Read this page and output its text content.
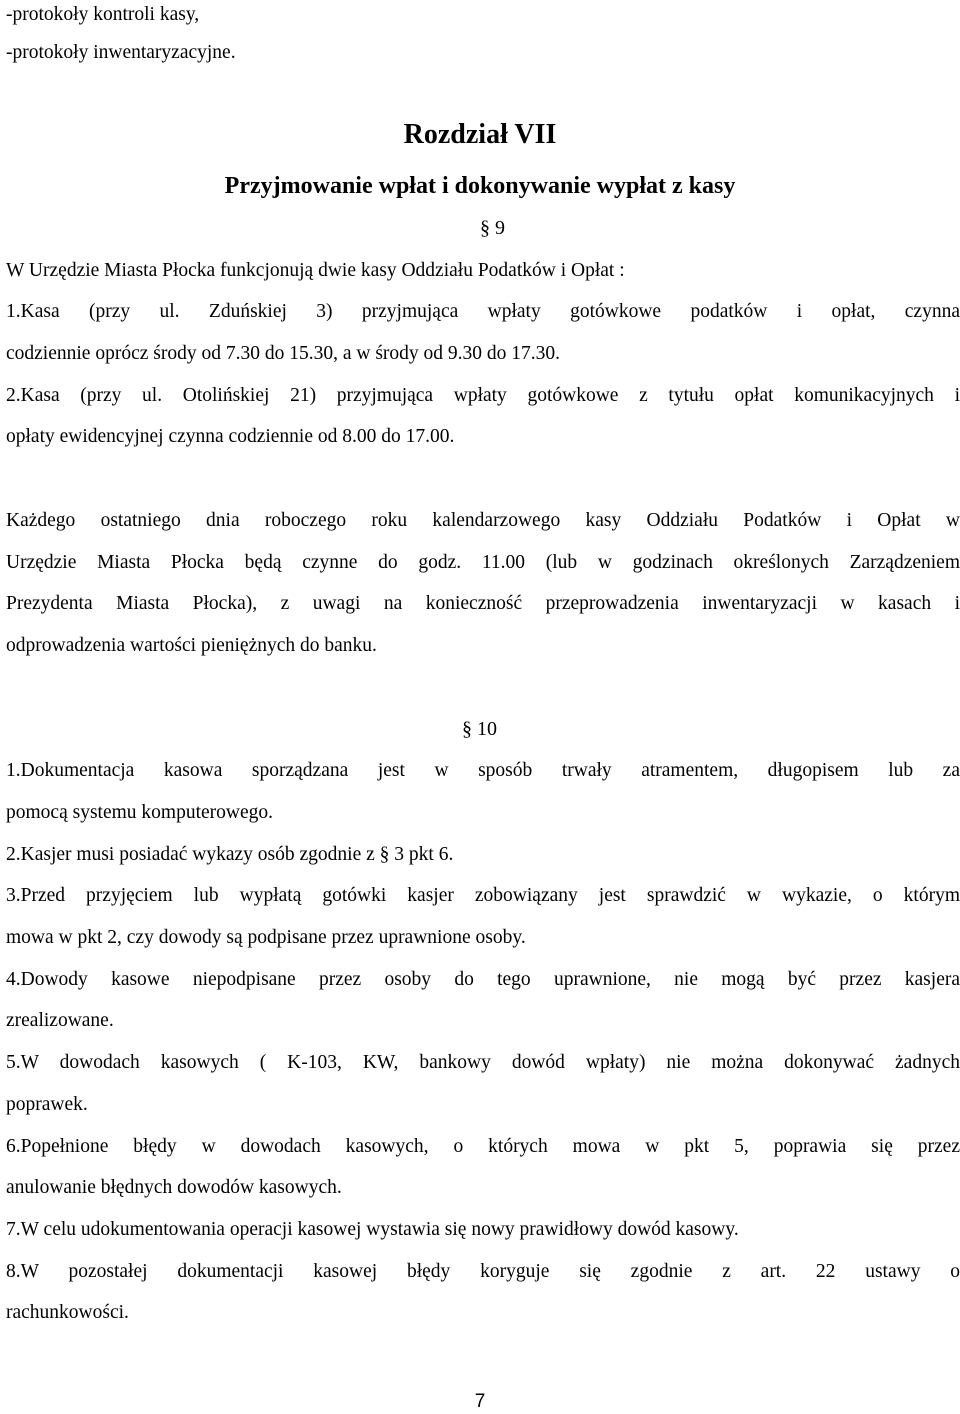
-protokoły kontroli kasy,

-protokoły inwentaryzacyjne.

Rozdział VII
Przyjmowanie wpłat i dokonywanie wypłat z kasy

§ 9

W Urzędzie Miasta Płocka funkcjonują dwie kasy Oddziału Podatków i Opłat :

1.Kasa (przy ul. Zduńskiej 3) przyjmująca wpłaty gotówkowe podatków i opłat, czynna

codziennie oprócz środy od 7.30 do 15.30, a w środy od 9.30 do 17.30.

2.Kasa (przy ul. Otolińskiej 21) przyjmująca wpłaty gotówkowe z tytułu opłat komunikacyjnych i

opłaty ewidencyjnej czynna codziennie od 8.00 do 17.00.

Każdego ostatniego dnia roboczego roku kalendarzowego kasy Oddziału Podatków i Opłat w

Urzędzie Miasta Płocka będą czynne do godz. 11.00 (lub w godzinach określonych Zarządzeniem

Prezydenta Miasta Płocka), z uwagi na konieczność przeprowadzenia inwentaryzacji w kasach i

odprowadzenia wartości pieniężnych do banku.

§ 10

1.Dokumentacja kasowa sporządzana jest w sposób trwały atramentem, długopisem lub za

pomocą systemu komputerowego.

2.Kasjer musi posiadać wykazy osób zgodnie z § 3 pkt 6.

3.Przed przyjęciem lub wypłatą gotówki kasjer zobowiązany jest sprawdzić w wykazie, o którym

mowa w pkt 2, czy dowody są podpisane przez uprawnione osoby.

4.Dowody kasowe niepodpisane przez osoby do tego uprawnione, nie mogą być przez kasjera

zrealizowane.

5.W dowodach kasowych ( K-103, KW, bankowy dowód wpłaty) nie można dokonywać żadnych

poprawek.

6.Popełnione błędy w dowodach kasowych, o których mowa w pkt 5, poprawia się przez

anulowanie błędnych dowodów kasowych.

7.W celu udokumentowania operacji kasowej wystawia się nowy prawidłowy dowód kasowy.

8.W pozostałej dokumentacji kasowej błędy koryguje się zgodnie z art. 22 ustawy o

rachunkowości.

7
